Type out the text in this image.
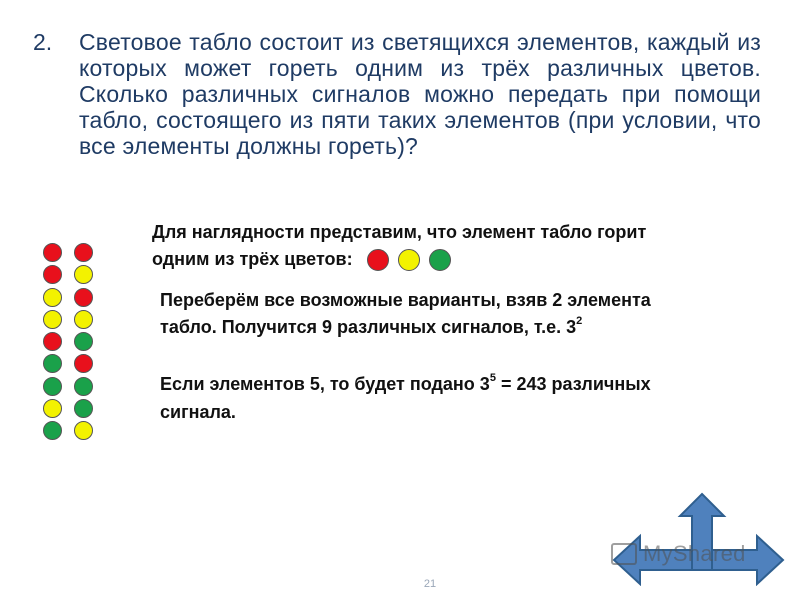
2. Световое табло состоит из светящихся элементов, каждый из которых может гореть одним из трёх различных цветов. Сколько различных сигналов можно передать при помощи табло, состоящего из пяти таких элементов (при условии, что все элементы должны гореть)?
Для наглядности представим, что элемент табло горит
одним из трёх цветов:
Переберём все возможные варианты, взяв 2 элемента
табло. Получится 9 различных сигналов, т.е. $3^2$
Если элементов 5, то будет подано $3^5 = 243$ различных
сигнала.
MyShared
21
